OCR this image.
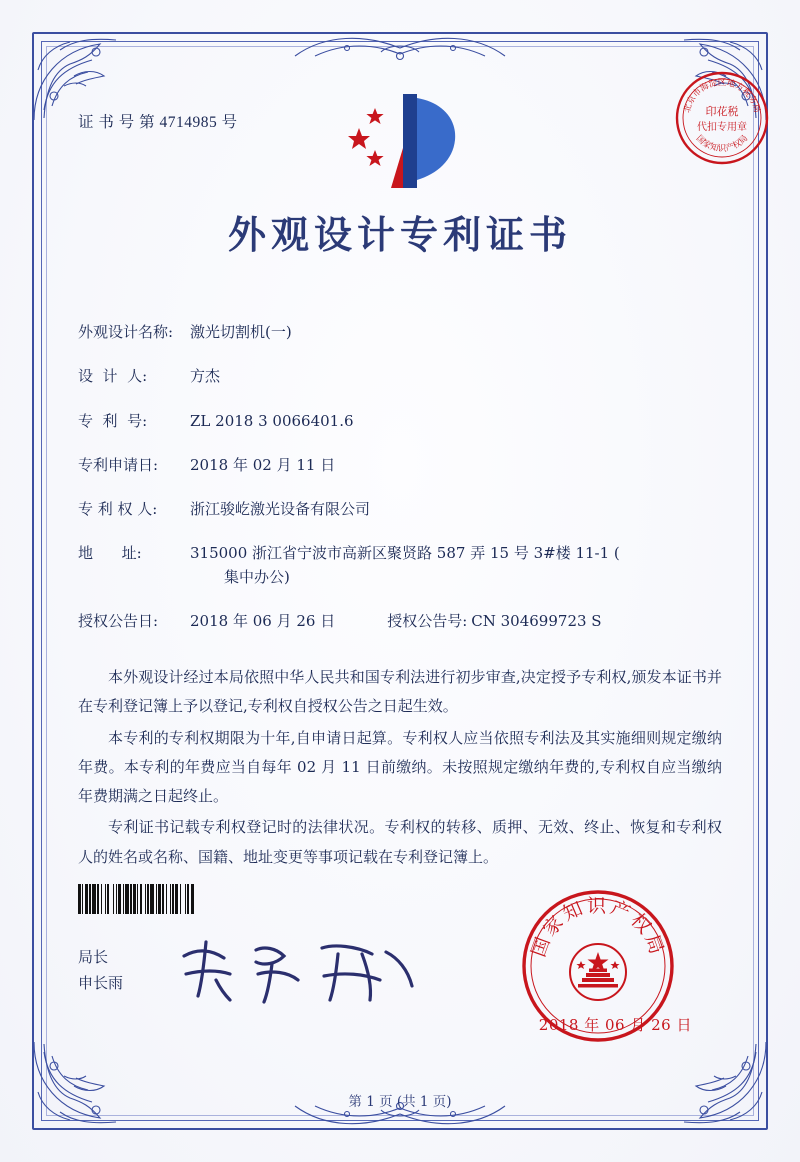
北京市海淀区地方税务局
国家知识产权局
印花税
代扣专用章
证 书 号 第 4714985 号
外观设计专利证书
外观设计名称:	激光切割机(一)
设  计  人:	方杰
专  利  号:	ZL 2018 3 0066401.6
专利申请日:	2018 年 02 月 11 日
专 利 权 人:	浙江骏屹激光设备有限公司
地      址:	315000 浙江省宁波市高新区聚贤路 587 弄 15 号 3#楼 11-1 (
集中办公)
授权公告日:	2018 年 06 月 26 日	授权公告号: CN 304699723 S

本外观设计经过本局依照中华人民共和国专利法进行初步审查,决定授予专利权,颁发本证书并在专利登记簿上予以登记,专利权自授权公告之日起生效。

本专利的专利权期限为十年,自申请日起算。专利权人应当依照专利法及其实施细则规定缴纳年费。本专利的年费应当自每年 02 月 11 日前缴纳。未按照规定缴纳年费的,专利权自应当缴纳年费期满之日起终止。

专利证书记载专利权登记时的法律状况。专利权的转移、质押、无效、终止、恢复和专利权人的姓名或名称、国籍、地址变更等事项记载在专利登记簿上。

局长
申长雨
国家知识产权局
2018 年 06 月 26 日
第 1 页 (共 1 页)
